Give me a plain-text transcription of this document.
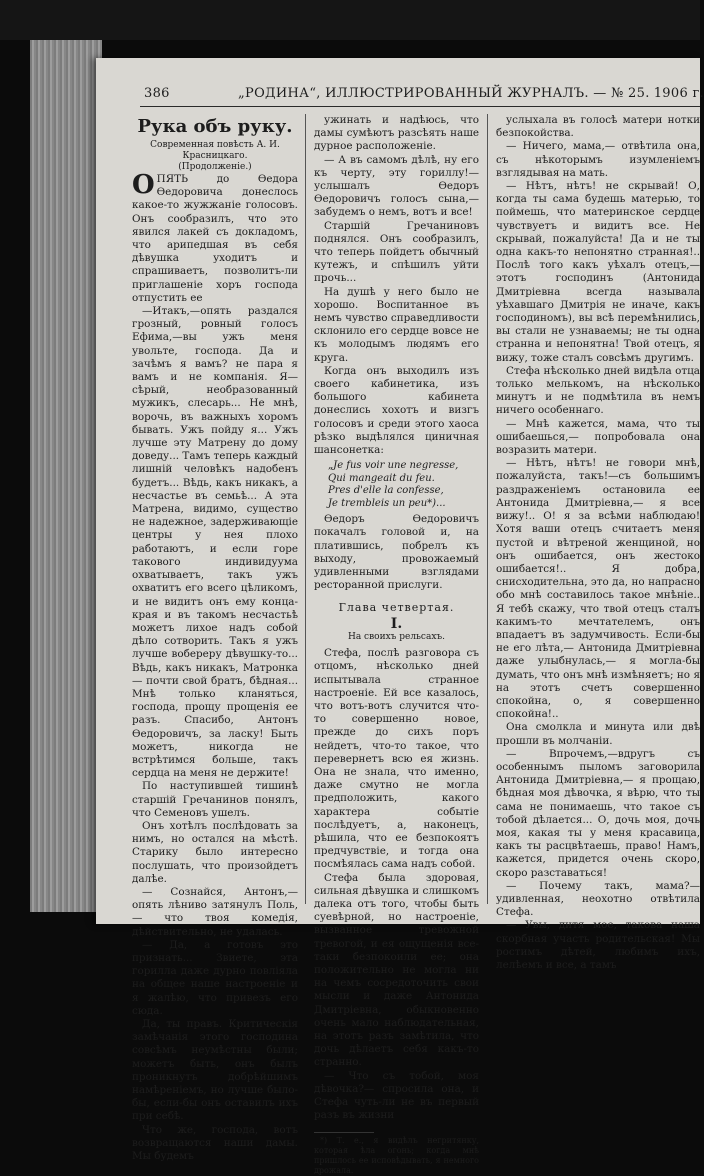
386	„РОДИНА“, ИЛЛЮСТРИРОВАННЫЙ ЖУРНАЛЪ. — № 25. 1906 г.
Рука объ руку.
Современная повѣсть А. И. Красницкаго.
(Продолженіе.)

ОПЯТЬ до Ѳедора Ѳедоровича донеслось какое-то жужжаніе голосовъ. Онъ сообразилъ, что это явился лакей съ докладомъ, что арипедшая въ себя дѣвушка уходитъ и спрашиваетъ, позволитъ-ли приглашеніе хоръ господа отпустить ее

—Итакъ,—опять раздался грозный, ровный голосъ Ефима,—вы ужъ меня увольте, господа. Да и зачѣмъ я вамъ? не пара я вамъ и не компанія. Я—сѣрый, необразованный мужикъ, слесарь... Не мнѣ, ворочь, въ важныхъ хоромъ бывать. Ужъ пойду я... Ужъ лучше эту Матрену до дому доведу... Тамъ теперь каждый лишній человѣкъ надобенъ будетъ... Вѣдь, какъ никакъ, а несчастье въ семьѣ... А эта Матрена, видимо, существо не надежное, задерживающіе центры у нея плохо работаютъ, и если горе такового индивидуума охватываетъ, такъ ужъ охватитъ его всего цѣликомъ, и не видитъ онъ ему конца-края и въ такомъ несчастьѣ можетъ лихое надъ собой дѣло сотворить. Такъ я ужъ лучше вобереру дѣвушку-то... Вѣдь, какъ никакъ, Матронка — почти свой братъ, бѣдная... Мнѣ только кланяться, господа, прощу прощенія ее разъ. Спасибо, Антонъ Ѳедоровичъ, за ласку! Быть можетъ, никогда не встрѣтимся больше, такъ сердца на меня не держите!

По наступившей тишинѣ старшій Гречанинов понялъ, что Семеновъ ушелъ.

Онъ хотѣлъ послѣдовать за нимъ, но остался на мѣстѣ. Старику было интересно послушать, что произойдетъ далѣе.

— Сознайся, Антонъ,— опять лѣниво затянулъ Поль,— что твоя комедія, дѣйствительно, не удалась.

— Да, а готовъ это признать... Звиете, эта горилла даже дурно повліяла на общее наше настроеніе и я жалѣю, что привезъ его сюда.

Да, ты правъ. Критическія замѣчанія этого господина совсѣмъ неумѣстны были; можетъ быть, онъ былъ проникнутъ добрѣйшимъ намѣреніемъ, но лучше было-бы, если-бы онъ оставилъ ихъ при себѣ.

Что же, господа, вотъ возвращаются наши дамы. Мы будемъ

ужинать и надѣюсь, что дамы сумѣютъ разсѣять наше дурное расположеніе.

— А въ самомъ дѣлѣ, ну его къ черту, эту гориллу!—услышалъ Ѳедоръ Ѳедоровичъ голосъ сына,—забудемъ о немъ, вотъ и все!

Старшій Гречаниновъ поднялся. Онъ сообразилъ, что теперь пойдетъ обычный кутежъ, и спѣшилъ уйти прочь...

На душѣ у него было не хорошо. Воспитанное въ немъ чувство справедливости склонило его сердце вовсе не къ молодымъ людямъ его круга.

Когда онъ выходилъ изъ своего кабинетика, изъ большого кабинета донеслись хохотъ и визгъ голосовъ и среди этого хаоса рѣзко выдѣлялся циничная шансонетка:

„Je fus voir une negresse,
Qui mangeait du feu.
Pres d'elle la confesse,
Je trembleis un peu*)...

Ѳедоръ Ѳедоровичъ покачалъ головой и, на платившись, побрелъ къ выходу, провожаемый удивленными взглядами ресторанной прислуги.

Глава четвертая.
I.
На своихъ рельсахъ.

Стефа, послѣ разговора съ отцомъ, нѣсколько дней испытывала странное настроеніе. Ей все казалось, что вотъ-вотъ случится что-то совершенно новое, прежде до сихъ поръ нейдетъ, что-то такое, что перевернетъ всю ея жизнь. Она не знала, что именно, даже смутно не могла предположить, какого характера событіе послѣдуетъ, а, наконецъ, рѣшила, что ее безпокоятъ предчувствіе, и тогда она посмѣялась сама надъ собой.

Стефа была здоровая, сильная дѣвушка и слишкомъ далека отъ того, чтобы быть суевѣрной, но настроеніе, вызванное тревожной тревогой, и ея ощущенія все-таки безпокоили ее; она положительно не могла ни на чемъ сосредоточить свои мысли и даже Антонида Дмитріевна, обыкновенно очень мало наблюдательная, на этотъ разъ замѣтила, что дочь дѣлаетъ себя какъ-то странно.

— Что съ тобой, моя дѣвочка?— спросила она, и Стефа чуть-ли не въ первый разъ въ жизни

*) Т. е., я видѣлъ негритянку, которая ѣла огонь; когда мнѣ пришлось ее исповѣдывать, я немного дрожала.

услыхала въ голосѣ матери нотки безпокойства.

— Ничего, мама,— отвѣтила она, съ нѣкоторымъ изумленіемъ взглядывая на мать.

— Нѣтъ, нѣтъ! не скрывай! О, когда ты сама будешь матерью, то поймешь, что материнское сердце чувствуетъ и видитъ все. Не скрывай, пожалуйста! Да и не ты одна какъ-то непонятно странная!.. Послѣ того какъ уѣхалъ отецъ,—этотъ господинъ (Антонида Дмитріевна всегда называла уѣхавшаго Дмитрія не иначе, какъ господиномъ), вы всѣ перемѣнились, вы стали не узнаваемы; не ты одна странна и непонятна! Твой отецъ, я вижу, тоже сталъ совсѣмъ другимъ.

Стефа нѣсколько дней видѣла отца только мелькомъ, на нѣсколько минутъ и не подмѣтила въ немъ ничего особеннаго.

— Мнѣ кажется, мама, что ты ошибаешься,— попробовала она возразить матери.

— Нѣтъ, нѣтъ! не говори мнѣ, пожалуйста, такъ!—съ большимъ раздраженіемъ остановила ее Антонида Дмитріевна,— я все вижу!.. О! я за всѣми наблюдаю! Хотя ваши отецъ считаетъ меня пустой и вѣтреной женщиной, но онъ ошибается, онъ жестоко ошибается!.. Я добра, снисходительна, это да, но напрасно обо мнѣ составилось такое мнѣніе.. Я тебѣ скажу, что твой отецъ сталъ какимъ-то мечтателемъ, онъ впадаетъ въ задумчивость. Если-бы не его лѣта,— Антонида Дмитріевна даже улыбнулась,— я могла-бы думать, что онъ мнѣ измѣняетъ; но я на этотъ счетъ совершенно спокойна, о, я совершенно спокойна!..

Она смолкла и минута или двѣ прошли въ молчаніи.

— Впрочемъ,—вдругъ съ особеннымъ пыломъ заговорила Антонида Дмитріевна,— я прощаю, бѣдная моя дѣвочка, я вѣрю, что ты сама не понимаешь, что такое съ тобой дѣлается... О, дочь моя, дочь моя, какая ты у меня красавица, какъ ты расцвѣтаешь, право! Намъ, кажется, придется очень скоро, скоро разставаться!

— Почему такъ, мама?— удивленная, неохотно отвѣтила Стефа.

— Увы, дитя мое, такова наша скорбная участь родительская! Мы ростимъ дѣтей, любимъ ихъ, лелѣемъ и все, а тамъ
